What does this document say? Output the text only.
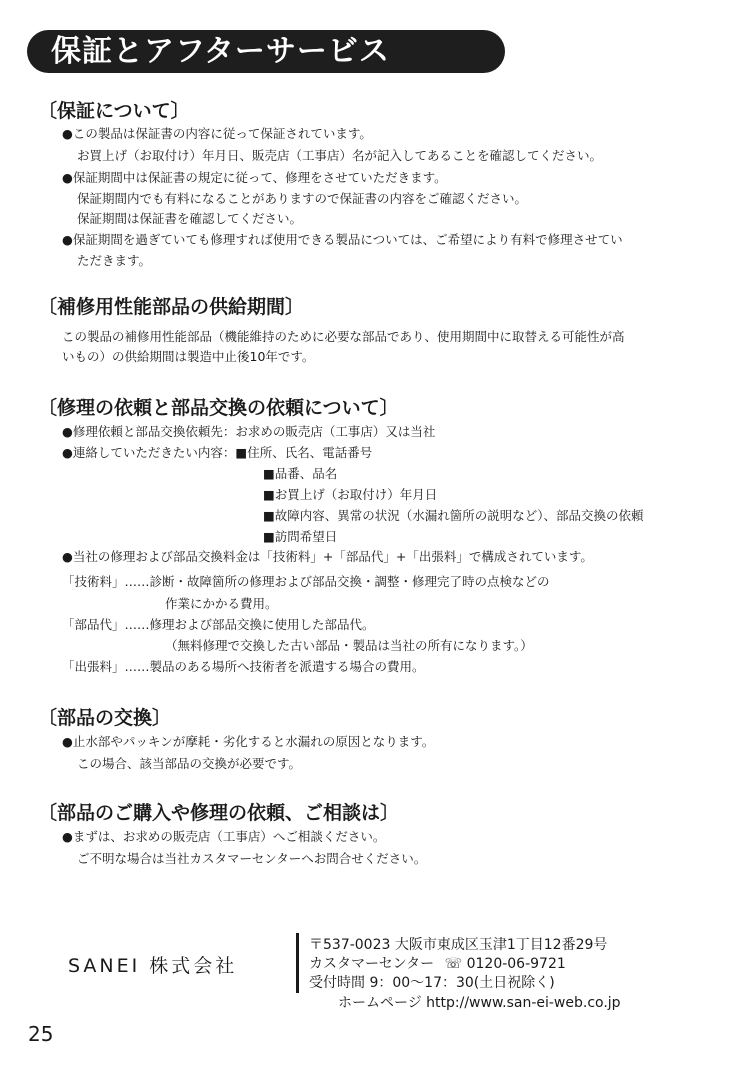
保証とアフターサービス
〔保証について〕
●この製品は保証書の内容に従って保証されています。
お買上げ（お取付け）年月日、販売店（工事店）名が記入してあることを確認してください。
●保証期間中は保証書の規定に従って、修理をさせていただきます。
保証期間内でも有料になることがありますので保証書の内容をご確認ください。
保証期間は保証書を確認してください。
●保証期間を過ぎていても修理すれば使用できる製品については、ご希望により有料で修理させてい
ただきます。
〔補修用性能部品の供給期間〕
この製品の補修用性能部品（機能維持のために必要な部品であり、使用期間中に取替える可能性が高
いもの）の供給期間は製造中止後10年です。
〔修理の依頼と部品交換の依頼について〕
●修理依頼と部品交換依頼先：お求めの販売店（工事店）又は当社
●連絡していただきたい内容：■住所、氏名、電話番号
■品番、品名
■お買上げ（お取付け）年月日
■故障内容、異常の状況（水漏れ箇所の説明など）、部品交換の依頼
■訪問希望日
●当社の修理および部品交換料金は「技術料」+「部品代」+「出張料」で構成されています。
「技術料」……診断・故障箇所の修理および部品交換・調整・修理完了時の点検などの
作業にかかる費用。
「部品代」……修理および部品交換に使用した部品代。
（無料修理で交換した古い部品・製品は当社の所有になります。）
「出張料」……製品のある場所へ技術者を派遣する場合の費用。
〔部品の交換〕
●止水部やパッキンが摩耗・劣化すると水漏れの原因となります。
この場合、該当部品の交換が必要です。
〔部品のご購入や修理の依頼、ご相談は〕
●まずは、お求めの販売店（工事店）へご相談ください。
ご不明な場合は当社カスタマーセンターへお問合せください。
SANEI 株式会社
〒537-0023 大阪市東成区玉津1丁目12番29号
カスタマーセンター ☏ 0120-06-9721
受付時間 9：00〜17：30(土日祝除く)
ホームページ http://www.san-ei-web.co.jp
25
